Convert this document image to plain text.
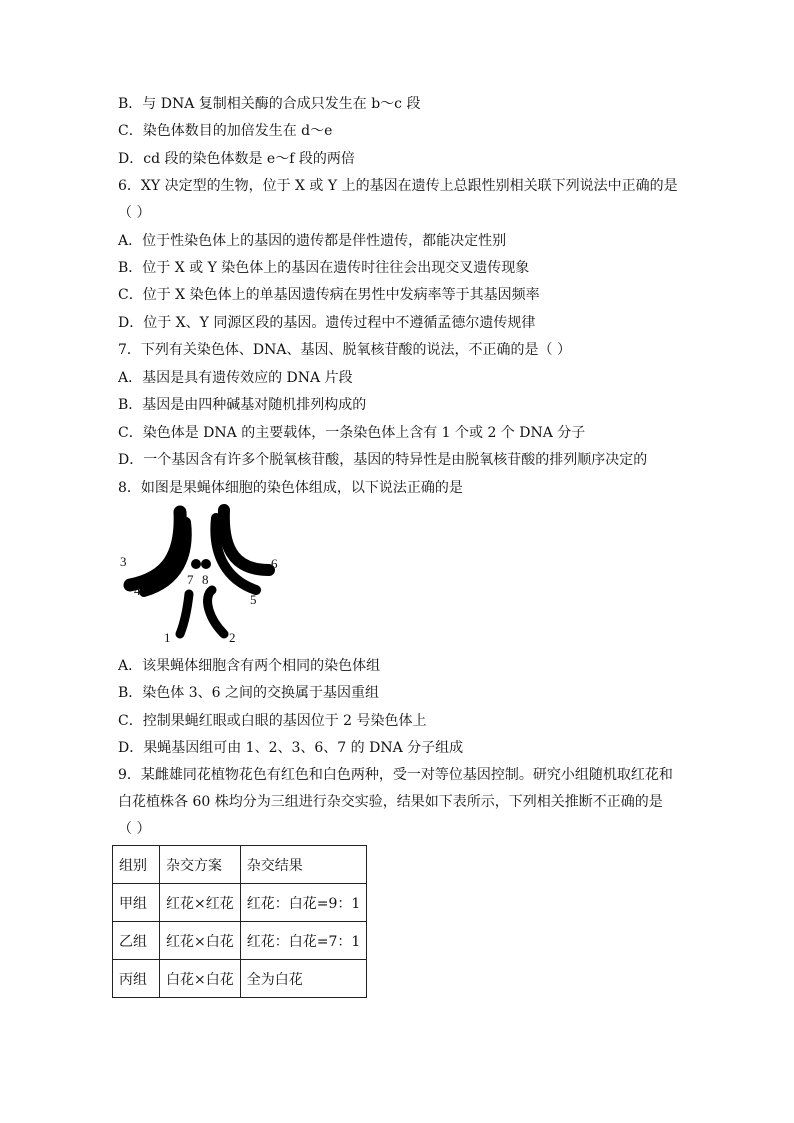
B．与 DNA 复制相关酶的合成只发生在 b～c 段
C．染色体数目的加倍发生在 d～e
D．cd 段的染色体数是 e～f 段的两倍
6．XY 决定型的生物，位于 X 或 Y 上的基因在遗传上总跟性别相关联下列说法中正确的是
（ ）
A．位于性染色体上的基因的遗传都是伴性遗传，都能决定性别
B．位于 X 或 Y 染色体上的基因在遗传时往往会出现交叉遗传现象
C．位于 X 染色体上的单基因遗传病在男性中发病率等于其基因频率
D．位于 X、Y 同源区段的基因。遗传过程中不遵循孟德尔遗传规律
7．下列有关染色体、DNA、基因、脱氧核苷酸的说法，不正确的是（ ）
A．基因是具有遗传效应的 DNA 片段
B．基因是由四种碱基对随机排列构成的
C．染色体是 DNA 的主要载体，一条染色体上含有 1 个或 2 个 DNA 分子
D．一个基因含有许多个脱氧核苷酸，基因的特异性是由脱氧核苷酸的排列顺序决定的
8．如图是果蝇体细胞的染色体组成，以下说法正确的是
3
4
7 8
6
5
1	2
A．该果蝇体细胞含有两个相同的染色体组
B．染色体 3、6 之间的交换属于基因重组
C．控制果蝇红眼或白眼的基因位于 2 号染色体上
D．果蝇基因组可由 1、2、3、6、7 的 DNA 分子组成
9．某雌雄同花植物花色有红色和白色两种，受一对等位基因控制。研究小组随机取红花和
白花植株各 60 株均分为三组进行杂交实验，结果如下表所示，下列相关推断不正确的是
（ ）
组别	杂交方案	杂交结果
甲组	红花×红花	红花：白花=9：1
乙组	红花×白花	红花：白花=7：1
丙组	白花×白花	全为白花
